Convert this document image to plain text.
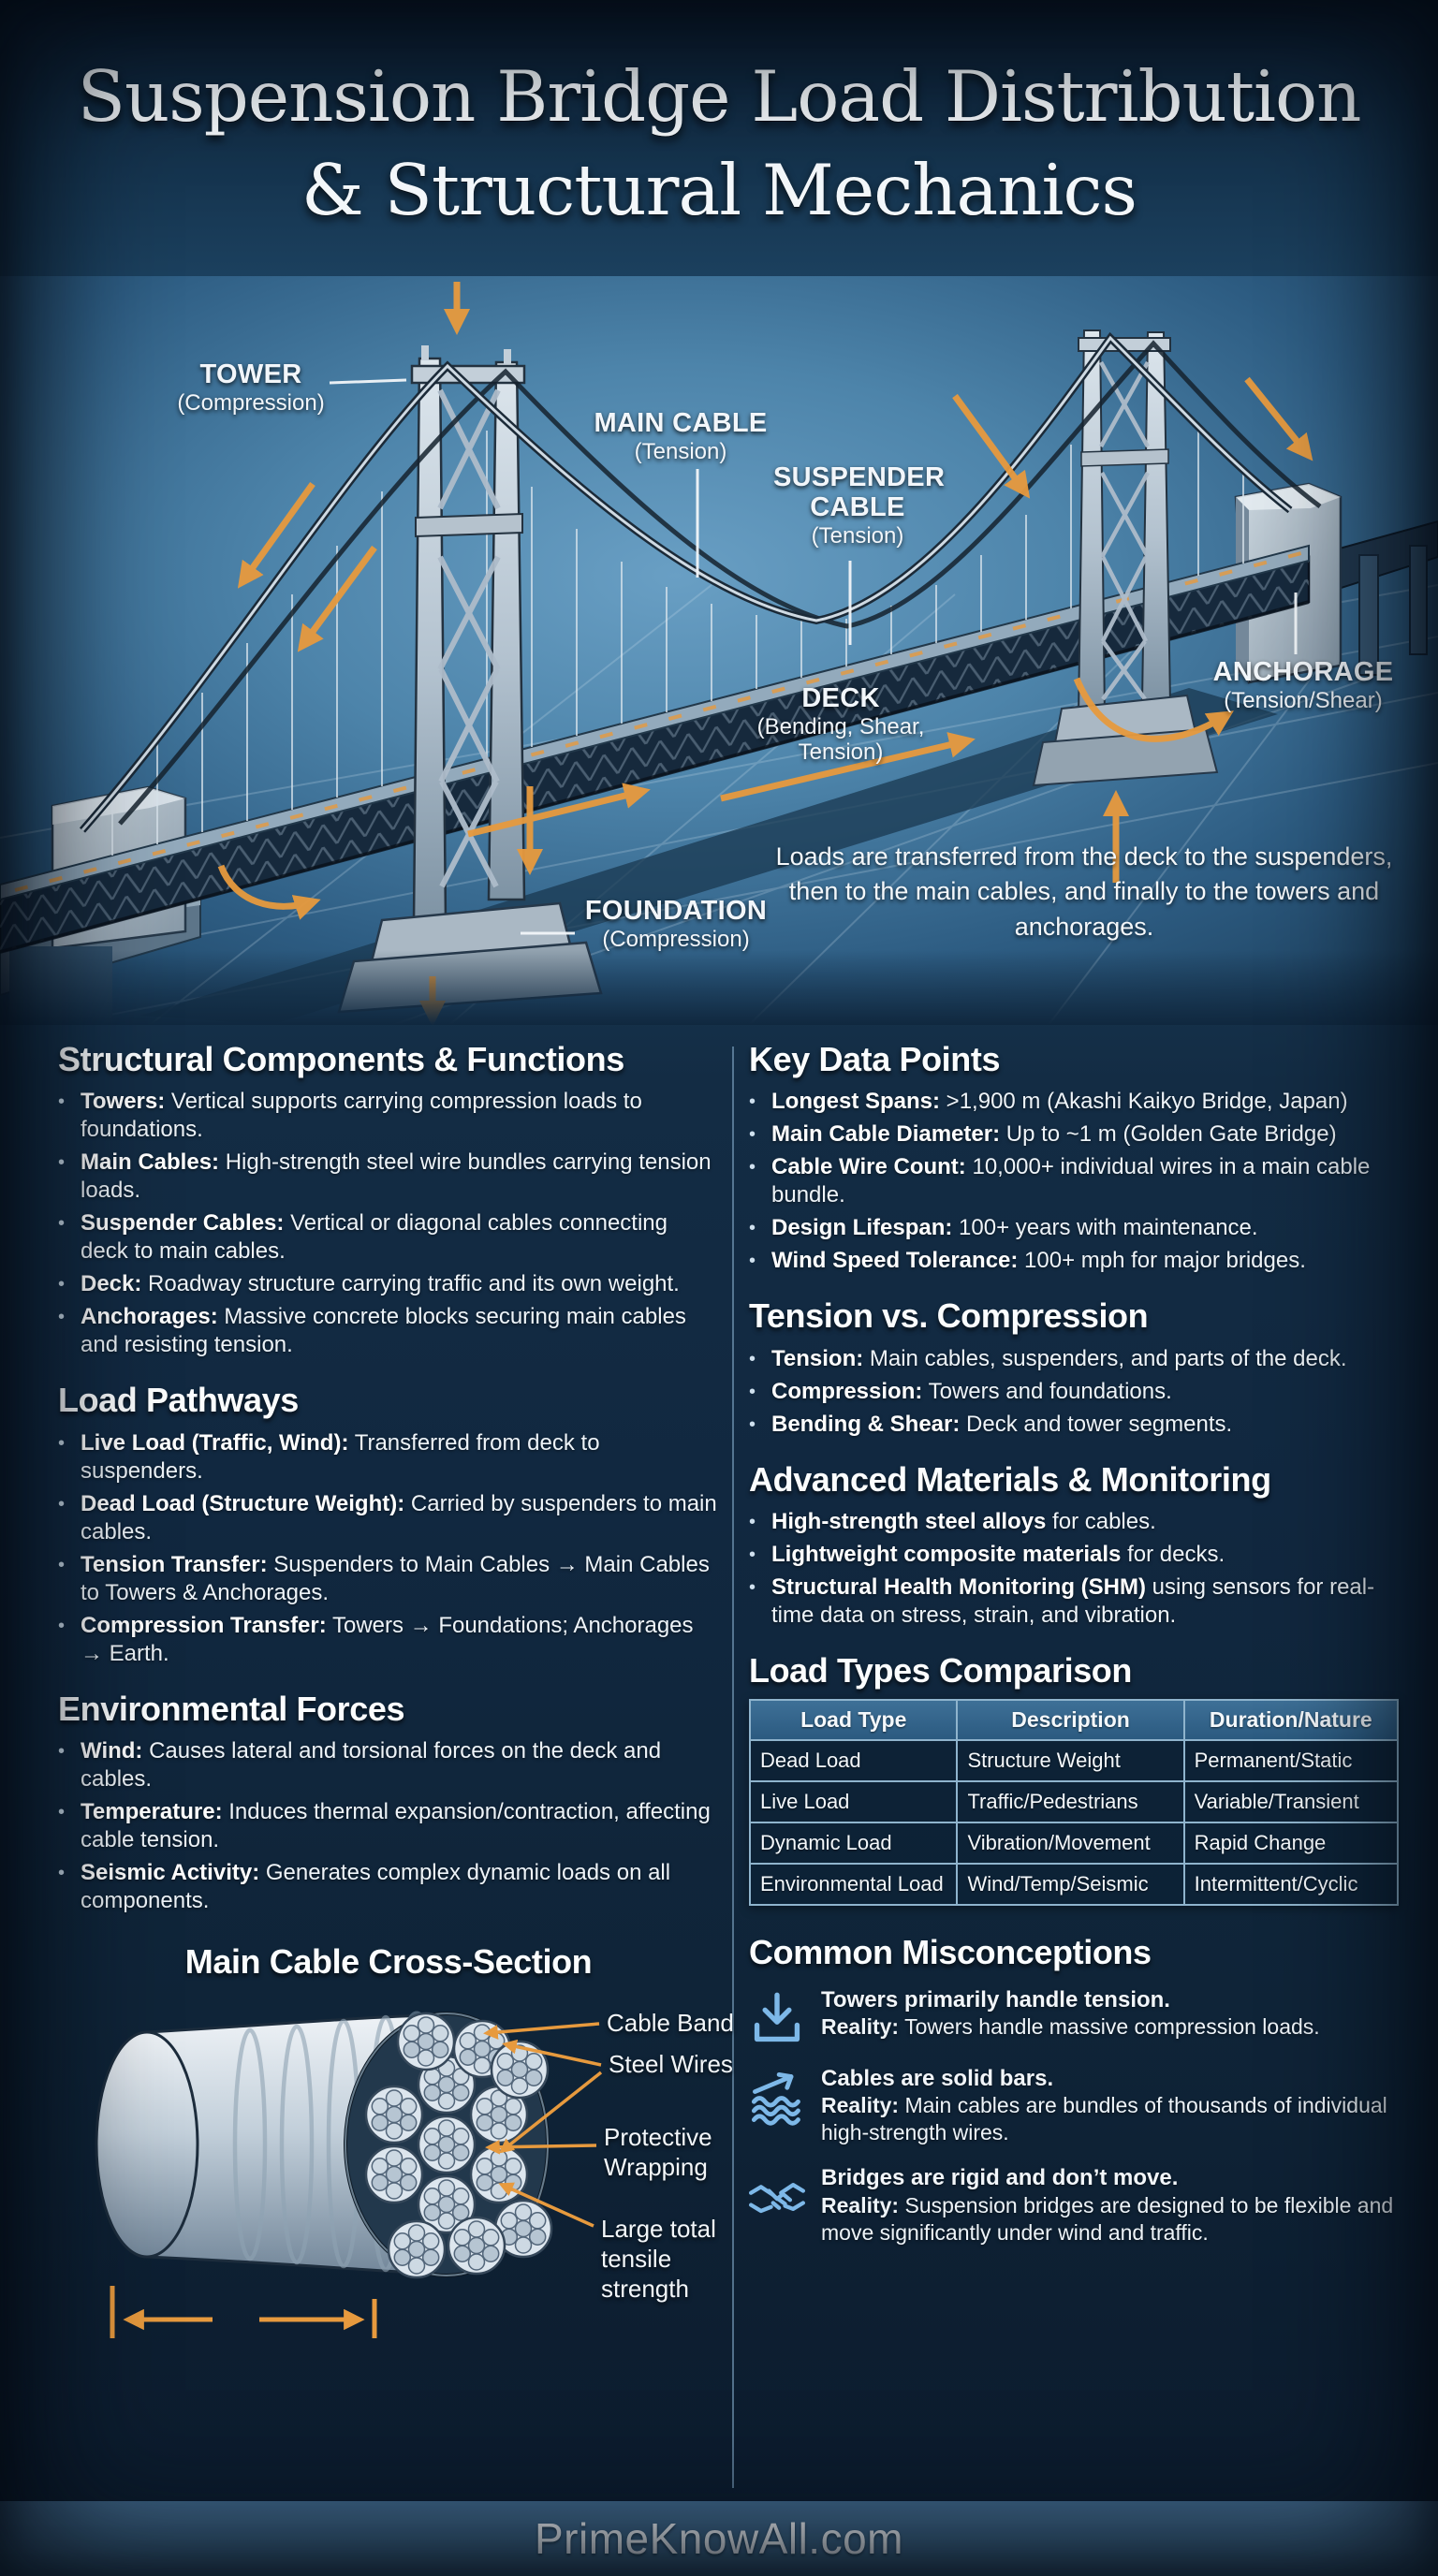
Suspension Bridge Load Distribution
& Structural Mechanics
TOWER
(Compression)
MAIN CABLE
(Tension)
SUSPENDER CABLE
(Tension)
ANCHORAGE
(Tension/Shear)
DECK
(Bending, Shear, Tension)
FOUNDATION
(Compression)
Loads are transferred from the deck to the suspenders, then to the main cables, and finally to the towers and anchorages.
Structural Components & Functions
• Towers: Vertical supports carrying compression loads to foundations.
• Main Cables: High-strength steel wire bundles carrying tension loads.
• Suspender Cables: Vertical or diagonal cables connecting deck to main cables.
• Deck: Roadway structure carrying traffic and its own weight.
• Anchorages: Massive concrete blocks securing main cables and resisting tension.
Load Pathways
• Live Load (Traffic, Wind): Transferred from deck to suspenders.
• Dead Load (Structure Weight): Carried by suspenders to main cables.
• Tension Transfer: Suspenders to Main Cables → Main Cables to Towers & Anchorages.
• Compression Transfer: Towers → Foundations; Anchorages → Earth.
Environmental Forces
• Wind: Causes lateral and torsional forces on the deck and cables.
• Temperature: Induces thermal expansion/contraction, affecting cable tension.
• Seismic Activity: Generates complex dynamic loads on all components.
Main Cable Cross-Section
Cable Band
Steel Wires
Protective Wrapping
Large total tensile strength
Key Data Points
• Longest Spans: >1,900 m (Akashi Kaikyo Bridge, Japan)
• Main Cable Diameter: Up to ~1 m (Golden Gate Bridge)
• Cable Wire Count: 10,000+ individual wires in a main cable bundle.
• Design Lifespan: 100+ years with maintenance.
• Wind Speed Tolerance: 100+ mph for major bridges.
Tension vs. Compression
• Tension: Main cables, suspenders, and parts of the deck.
• Compression: Towers and foundations.
• Bending & Shear: Deck and tower segments.
Advanced Materials & Monitoring
• High-strength steel alloys for cables.
• Lightweight composite materials for decks.
• Structural Health Monitoring (SHM) using sensors for real-time data on stress, strain, and vibration.
Load Types Comparison
Load Type	Description	Duration/Nature
Dead Load	Structure Weight	Permanent/Static
Live Load	Traffic/Pedestrians	Variable/Transient
Dynamic Load	Vibration/Movement	Rapid Change
Environmental Load	Wind/Temp/Seismic	Intermittent/Cyclic
Common Misconceptions
Towers primarily handle tension.
Reality: Towers handle massive compression loads.
Cables are solid bars.
Reality: Main cables are bundles of thousands of individual high-strength wires.
Bridges are rigid and don’t move.
Reality: Suspension bridges are designed to be flexible and move significantly under wind and traffic.
PrimeKnowAll.com
